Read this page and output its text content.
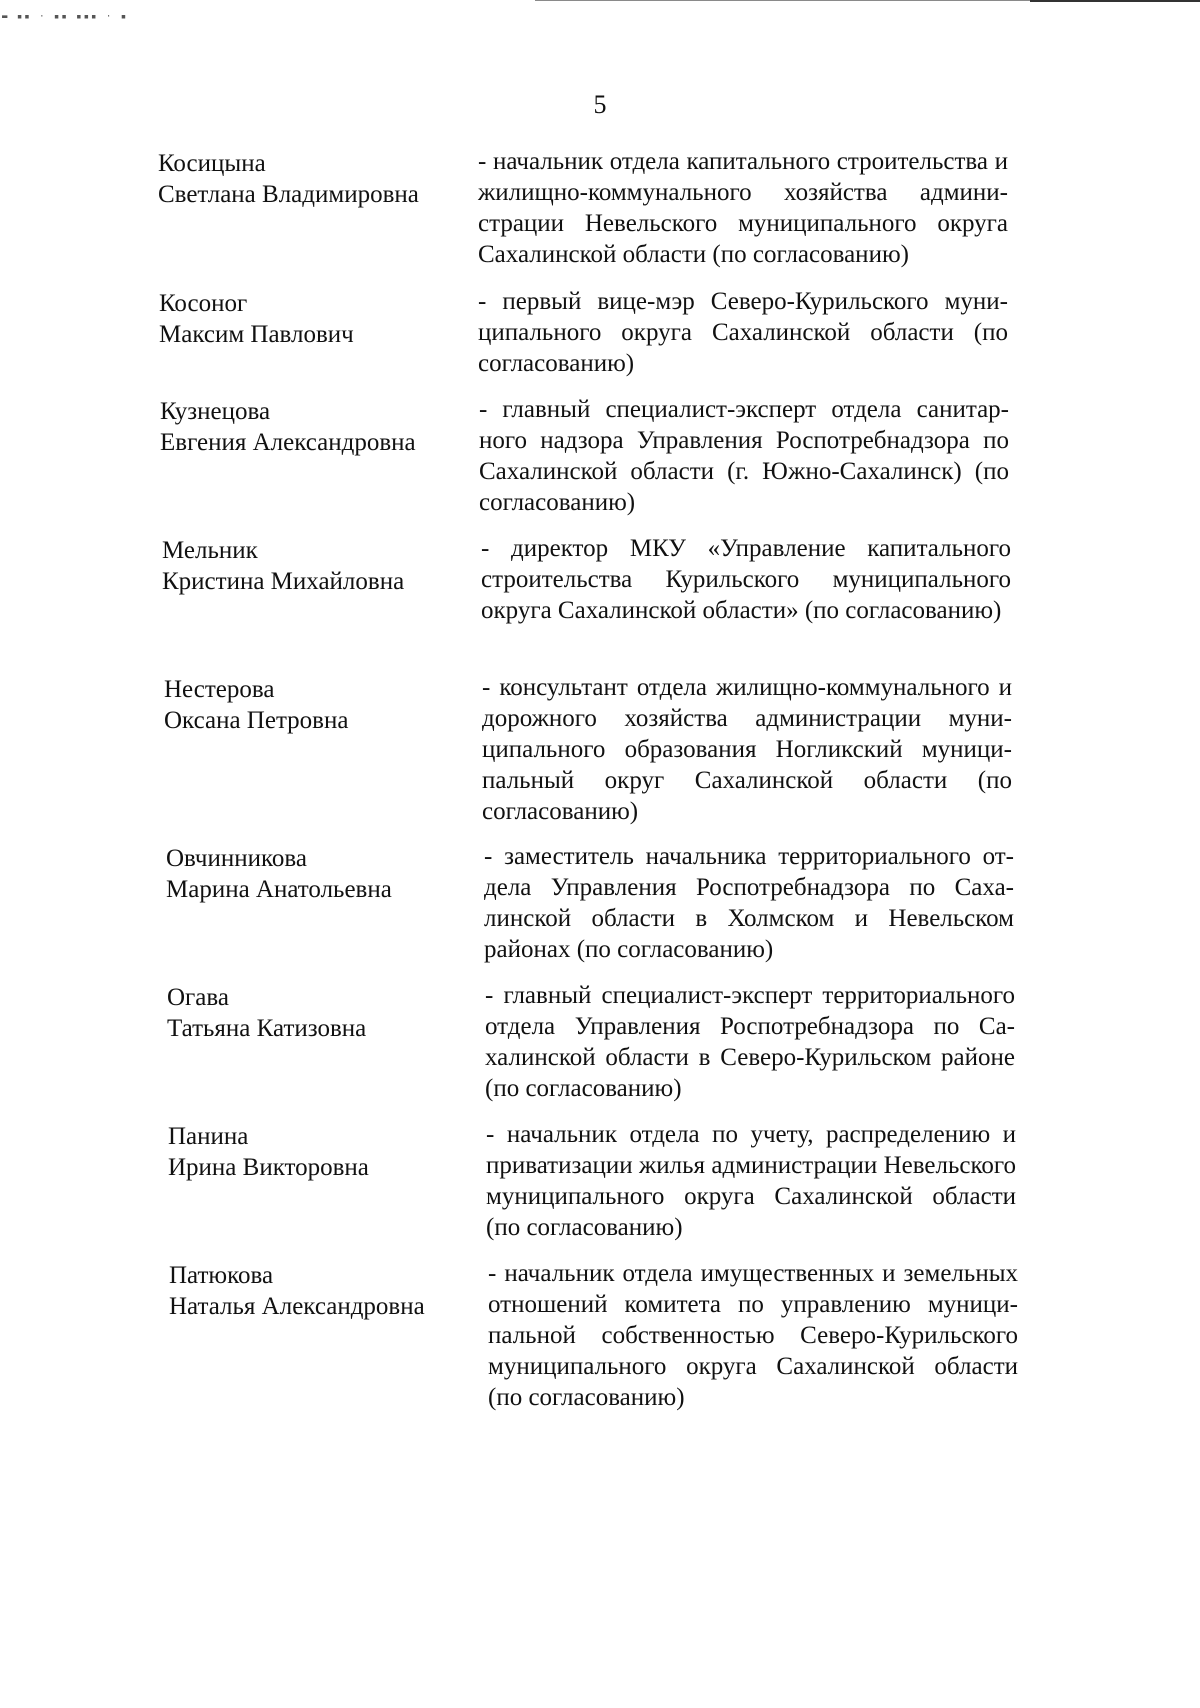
▬ ▪▪ · ▪▪ ▪▪▪ · ▪
5
Косицына
Светлана Владимировна
- начальник отдела капитального строительства и жилищно-коммунального хозяйства администрации Невельского муниципального округа Сахалинской области (по согласованию)
Косоног
Максим Павлович
- первый вице-мэр Северо-Курильского муниципального округа Сахалинской области (по согласованию)
Кузнецова
Евгения Александровна
- главный специалист-эксперт отдела санитарного надзора Управления Роспотребнадзора по Сахалинской области (г. Южно-Сахалинск) (по согласованию)
Мельник
Кристина Михайловна
- директор МКУ «Управление капитального строительства Курильского муниципального округа Сахалинской области» (по согласованию)
Нестерова
Оксана Петровна
- консультант отдела жилищно-коммунального и дорожного хозяйства администрации муниципального образования Ногликский муниципальный округ Сахалинской области (по согласованию)
Овчинникова
Марина Анатольевна
- заместитель начальника территориального отдела Управления Роспотребнадзора по Сахалинской области в Холмском и Невельском районах (по согласованию)
Огава
Татьяна Катизовна
- главный специалист-эксперт территориального отдела Управления Роспотребнадзора по Сахалинской области в Северо-Курильском районе (по согласованию)
Панина
Ирина Викторовна
- начальник отдела по учету, распределению и приватизации жилья администрации Невельского муниципального округа Сахалинской области (по согласованию)
Патюкова
Наталья Александровна
- начальник отдела имущественных и земельных отношений комитета по управлению муниципальной собственностью Северо-Курильского муниципального округа Сахалинской области (по согласованию)
